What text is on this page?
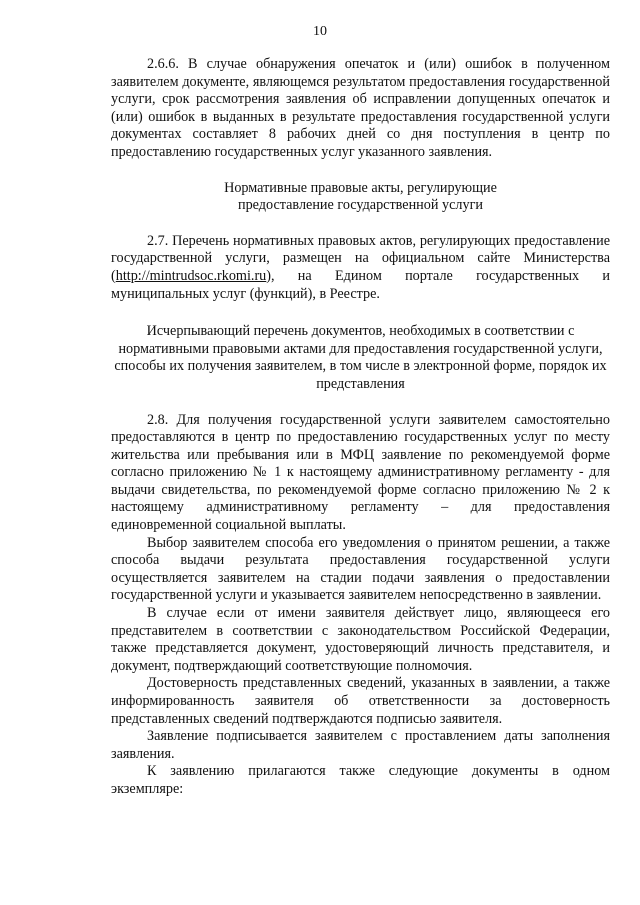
10

2.6.6. В случае обнаружения опечаток и (или) ошибок в полученном заявителем документе, являющемся результатом предоставления государственной услуги, срок рассмотрения заявления об исправлении допущенных опечаток и (или) ошибок в выданных в результате предоставления государственной услуги документах составляет 8 рабочих дней со дня поступления в центр по предоставлению государственных услуг указанного заявления.

Нормативные правовые акты, регулирующие
предоставление государственной услуги

2.7. Перечень нормативных правовых актов, регулирующих предоставление государственной услуги, размещен на официальном сайте Министерства (http://mintrudsoc.rkomi.ru), на Едином портале государственных и муниципальных услуг (функций), в Реестре.

Исчерпывающий перечень документов, необходимых в соответствии с нормативными правовыми актами для предоставления государственной услуги, способы их получения заявителем, в том числе в электронной форме, порядок их представления

2.8. Для получения государственной услуги заявителем самостоятельно предоставляются в центр по предоставлению государственных услуг по месту жительства или пребывания или в МФЦ заявление по рекомендуемой форме согласно приложению № 1 к настоящему административному регламенту - для выдачи свидетельства, по рекомендуемой форме согласно приложению № 2 к настоящему административному регламенту – для предоставления единовременной социальной выплаты.

Выбор заявителем способа его уведомления о принятом решении, а также способа выдачи результата предоставления государственной услуги осуществляется заявителем на стадии подачи заявления о предоставлении государственной услуги и указывается заявителем непосредственно в заявлении.

В случае если от имени заявителя действует лицо, являющееся его представителем в соответствии с законодательством Российской Федерации, также представляется документ, удостоверяющий личность представителя, и документ, подтверждающий соответствующие полномочия.

Достоверность представленных сведений, указанных в заявлении, а также информированность заявителя об ответственности за достоверность представленных сведений подтверждаются подписью заявителя.

Заявление подписывается заявителем с проставлением даты заполнения заявления.

К заявлению прилагаются также следующие документы в одном экземпляре:
